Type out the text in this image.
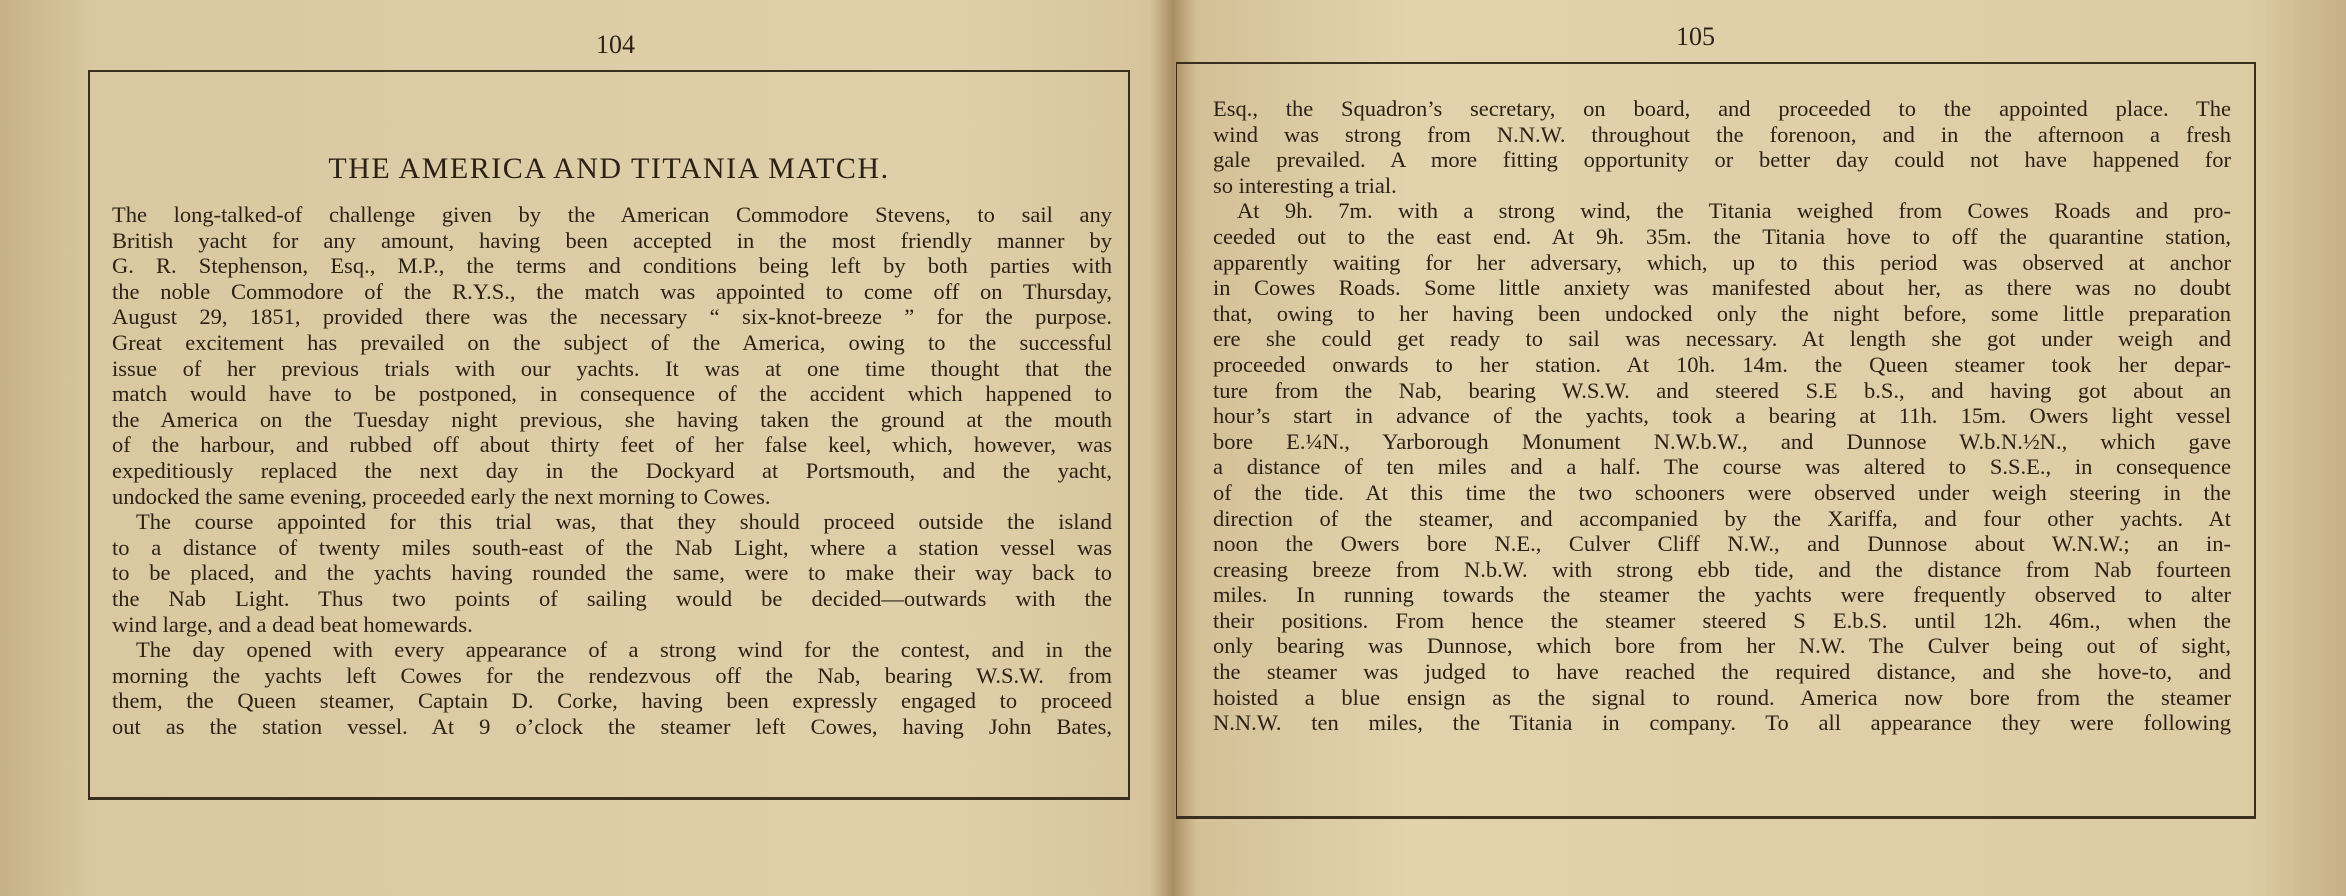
104
THE AMERICA AND TITANIA MATCH.
The long-talked-of challenge given by the American Commodore Stevens, to sail any
British yacht for any amount, having been accepted in the most friendly manner by
G. R. Stephenson, Esq., M.P., the terms and conditions being left by both parties with
the noble Commodore of the R.Y.S., the match was appointed to come off on Thursday,
August 29, 1851, provided there was the necessary “ six-knot-breeze ” for the purpose.
Great excitement has prevailed on the subject of the America, owing to the successful
issue of her previous trials with our yachts. It was at one time thought that the
match would have to be postponed, in consequence of the accident which happened to
the America on the Tuesday night previous, she having taken the ground at the mouth
of the harbour, and rubbed off about thirty feet of her false keel, which, however, was
expeditiously replaced the next day in the Dockyard at Portsmouth, and the yacht,
undocked the same evening, proceeded early the next morning to Cowes.
The course appointed for this trial was, that they should proceed outside the island
to a distance of twenty miles south-east of the Nab Light, where a station vessel was
to be placed, and the yachts having rounded the same, were to make their way back to
the Nab Light. Thus two points of sailing would be decided—outwards with the
wind large, and a dead beat homewards.
The day opened with every appearance of a strong wind for the contest, and in the
morning the yachts left Cowes for the rendezvous off the Nab, bearing W.S.W. from
them, the Queen steamer, Captain D. Corke, having been expressly engaged to proceed
out as the station vessel. At 9 o’clock the steamer left Cowes, having John Bates,
105
Esq., the Squadron’s secretary, on board, and proceeded to the appointed place. The
wind was strong from N.N.W. throughout the forenoon, and in the afternoon a fresh
gale prevailed. A more fitting opportunity or better day could not have happened for
so interesting a trial.
At 9h. 7m. with a strong wind, the Titania weighed from Cowes Roads and pro-
ceeded out to the east end. At 9h. 35m. the Titania hove to off the quarantine station,
apparently waiting for her adversary, which, up to this period was observed at anchor
in Cowes Roads. Some little anxiety was manifested about her, as there was no doubt
that, owing to her having been undocked only the night before, some little preparation
ere she could get ready to sail was necessary. At length she got under weigh and
proceeded onwards to her station. At 10h. 14m. the Queen steamer took her depar-
ture from the Nab, bearing W.S.W. and steered S.E b.S., and having got about an
hour’s start in advance of the yachts, took a bearing at 11h. 15m. Owers light vessel
bore E.¼N., Yarborough Monument N.W.b.W., and Dunnose W.b.N.½N., which gave
a distance of ten miles and a half. The course was altered to S.S.E., in consequence
of the tide. At this time the two schooners were observed under weigh steering in the
direction of the steamer, and accompanied by the Xariffa, and four other yachts. At
noon the Owers bore N.E., Culver Cliff N.W., and Dunnose about W.N.W.; an in-
creasing breeze from N.b.W. with strong ebb tide, and the distance from Nab fourteen
miles. In running towards the steamer the yachts were frequently observed to alter
their positions. From hence the steamer steered S E.b.S. until 12h. 46m., when the
only bearing was Dunnose, which bore from her N.W. The Culver being out of sight,
the steamer was judged to have reached the required distance, and she hove-to, and
hoisted a blue ensign as the signal to round. America now bore from the steamer
N.N.W. ten miles, the Titania in company. To all appearance they were following
